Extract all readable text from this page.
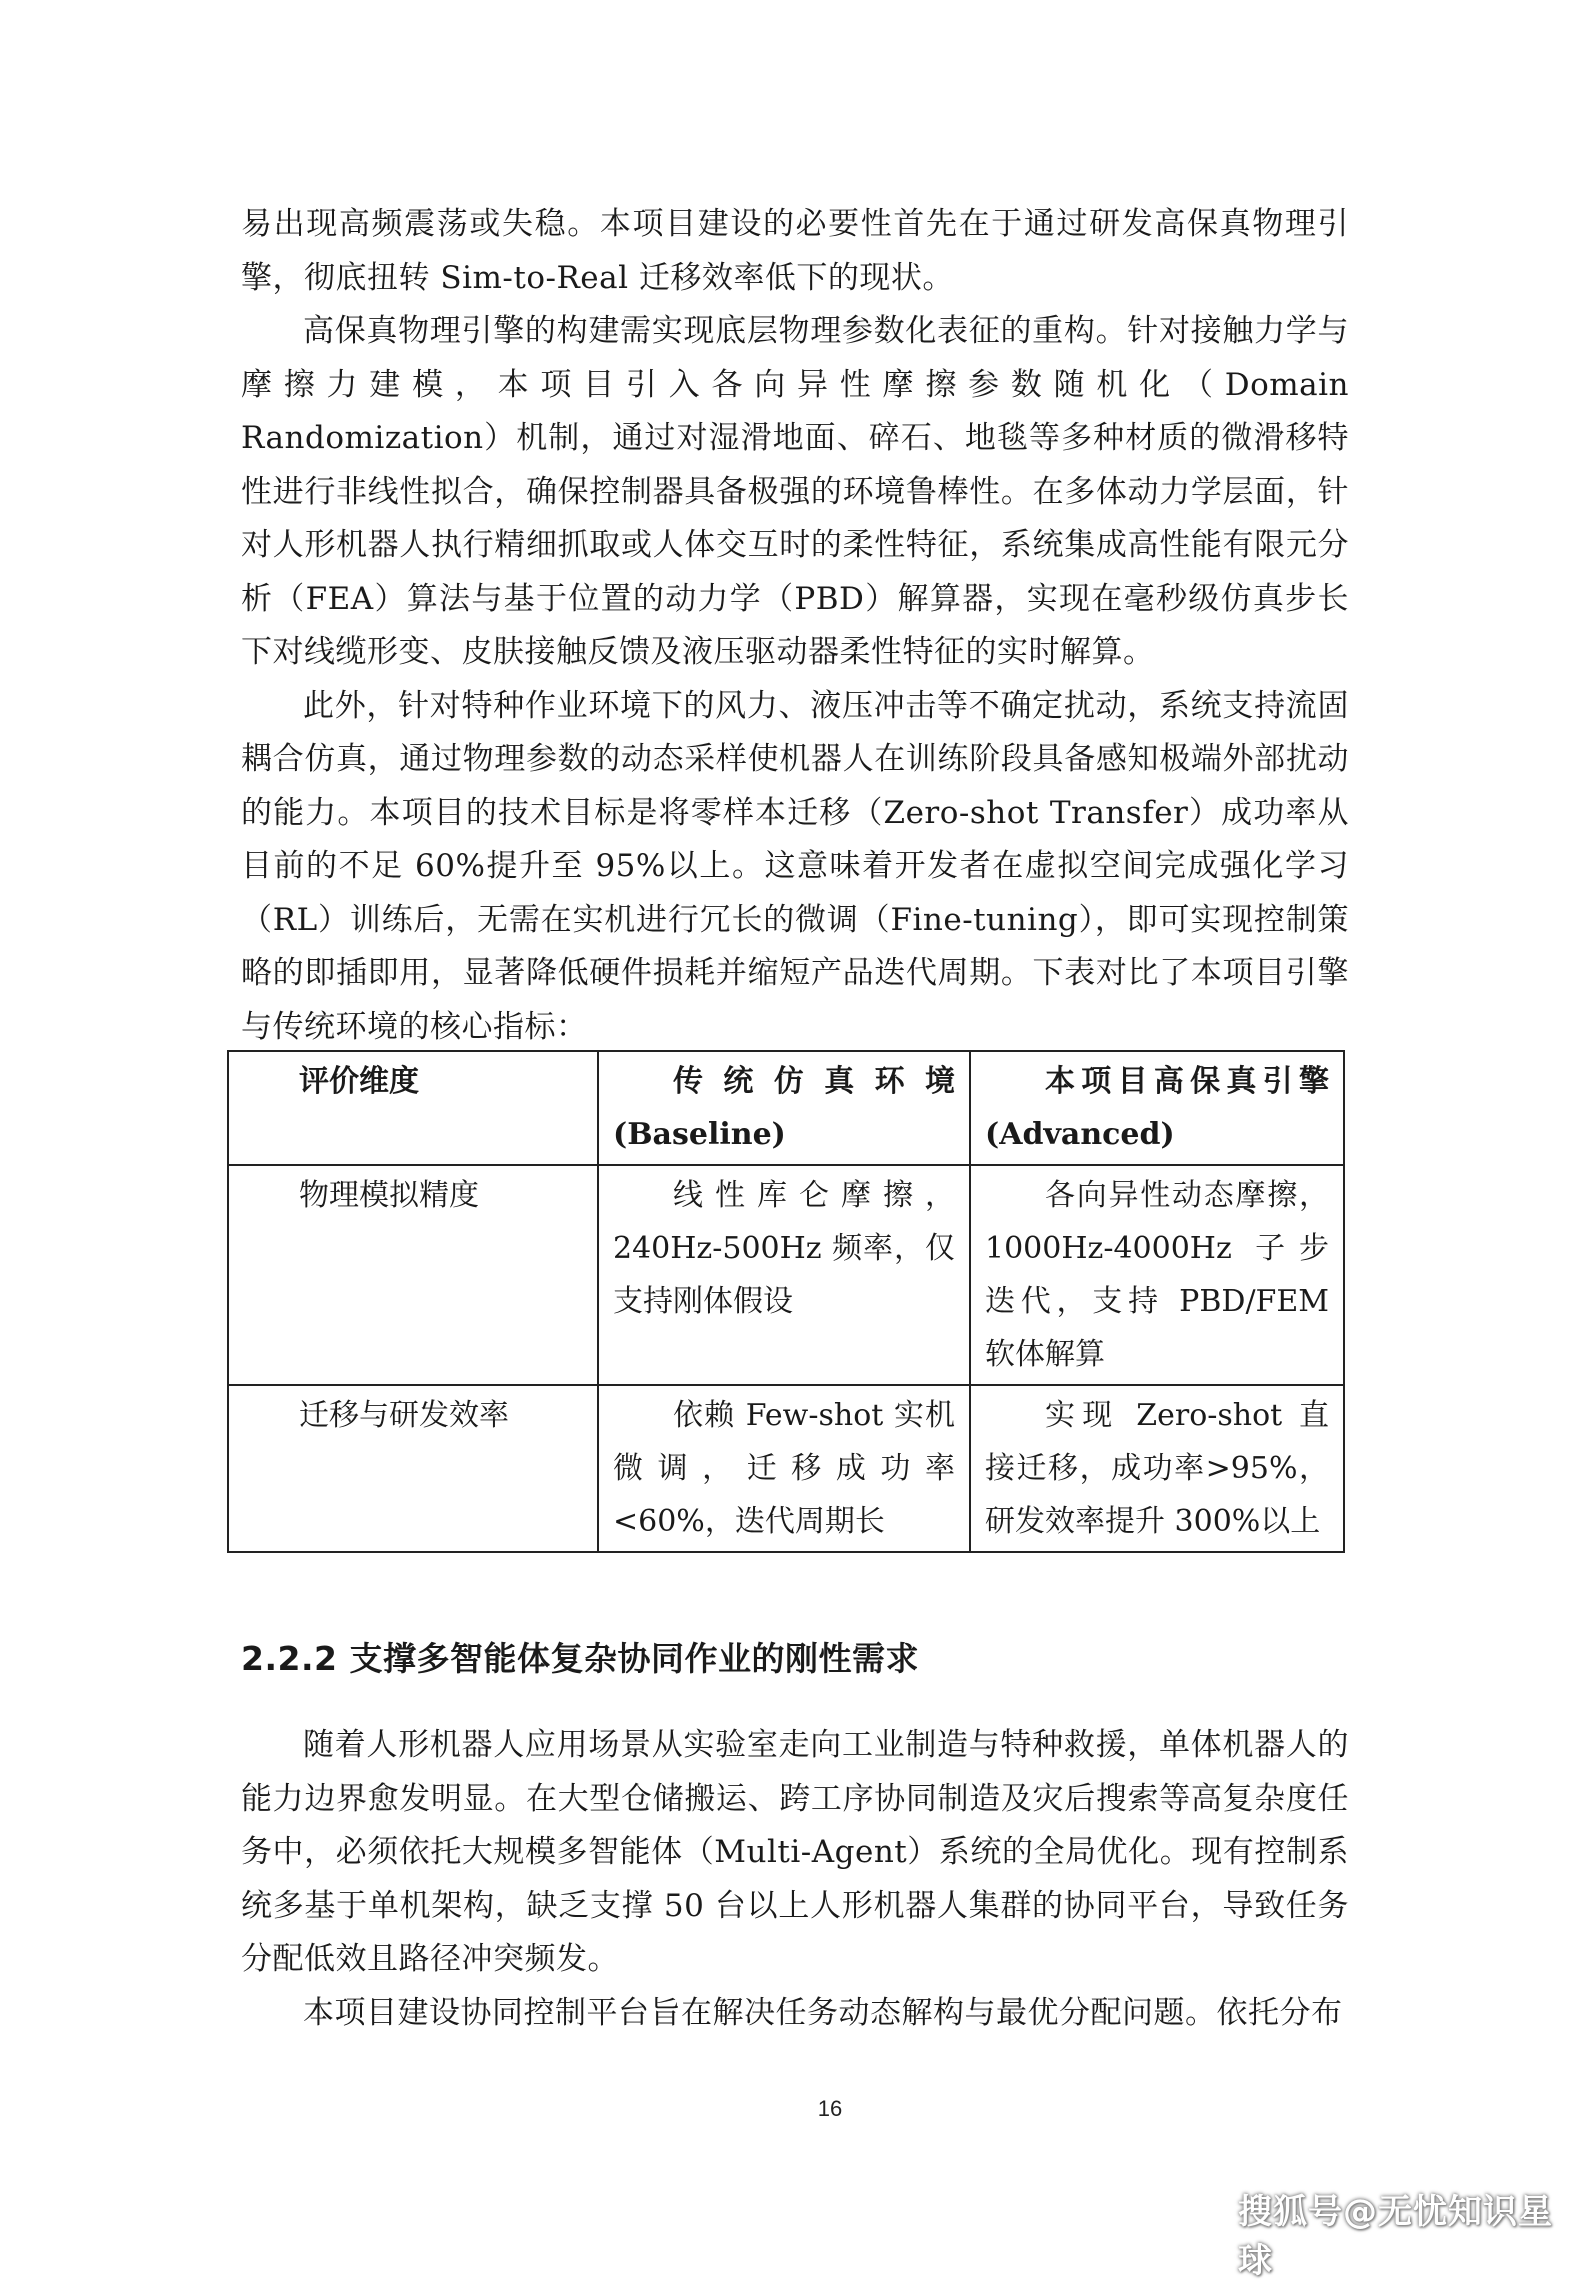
易出现高频震荡或失稳。本项目建设的必要性首先在于通过研发高保真物理引擎，彻底扭转 Sim-to-Real 迁移效率低下的现状。

高保真物理引擎的构建需实现底层物理参数化表征的重构。针对接触力学与摩擦力建模，本项目引入各向异性摩擦参数随机化（Domain Randomization）机制，通过对湿滑地面、碎石、地毯等多种材质的微滑移特性进行非线性拟合，确保控制器具备极强的环境鲁棒性。在多体动力学层面，针对人形机器人执行精细抓取或人体交互时的柔性特征，系统集成高性能有限元分析（FEA）算法与基于位置的动力学（PBD）解算器，实现在毫秒级仿真步长下对线缆形变、皮肤接触反馈及液压驱动器柔性特征的实时解算。

此外，针对特种作业环境下的风力、液压冲击等不确定扰动，系统支持流固耦合仿真，通过物理参数的动态采样使机器人在训练阶段具备感知极端外部扰动的能力。本项目的技术目标是将零样本迁移（Zero-shot Transfer）成功率从目前的不足 60%提升至 95%以上。这意味着开发者在虚拟空间完成强化学习（RL）训练后，无需在实机进行冗长的微调（Fine-tuning），即可实现控制策略的即插即用，显著降低硬件损耗并缩短产品迭代周期。下表对比了本项目引擎与传统环境的核心指标：

评价维度	传统仿真环境(Baseline)	本项目高保真引擎(Advanced)
物理模拟精度	线性库仑摩擦，240Hz-500Hz 频率，仅支持刚体假设	各向异性动态摩擦，1000Hz-4000Hz 子步迭代，支持 PBD/FEM 软体解算
迁移与研发效率	依赖 Few-shot 实机微调，迁移成功率<60%，迭代周期长	实现 Zero-shot 直接迁移，成功率>95%，研发效率提升 300%以上
2.2.2 支撑多智能体复杂协同作业的刚性需求

随着人形机器人应用场景从实验室走向工业制造与特种救援，单体机器人的能力边界愈发明显。在大型仓储搬运、跨工序协同制造及灾后搜索等高复杂度任务中，必须依托大规模多智能体（Multi-Agent）系统的全局优化。现有控制系统多基于单机架构，缺乏支撑 50 台以上人形机器人集群的协同平台，导致任务分配低效且路径冲突频发。

本项目建设协同控制平台旨在解决任务动态解构与最优分配问题。依托分布

16
搜狐号@无忧知识星球
